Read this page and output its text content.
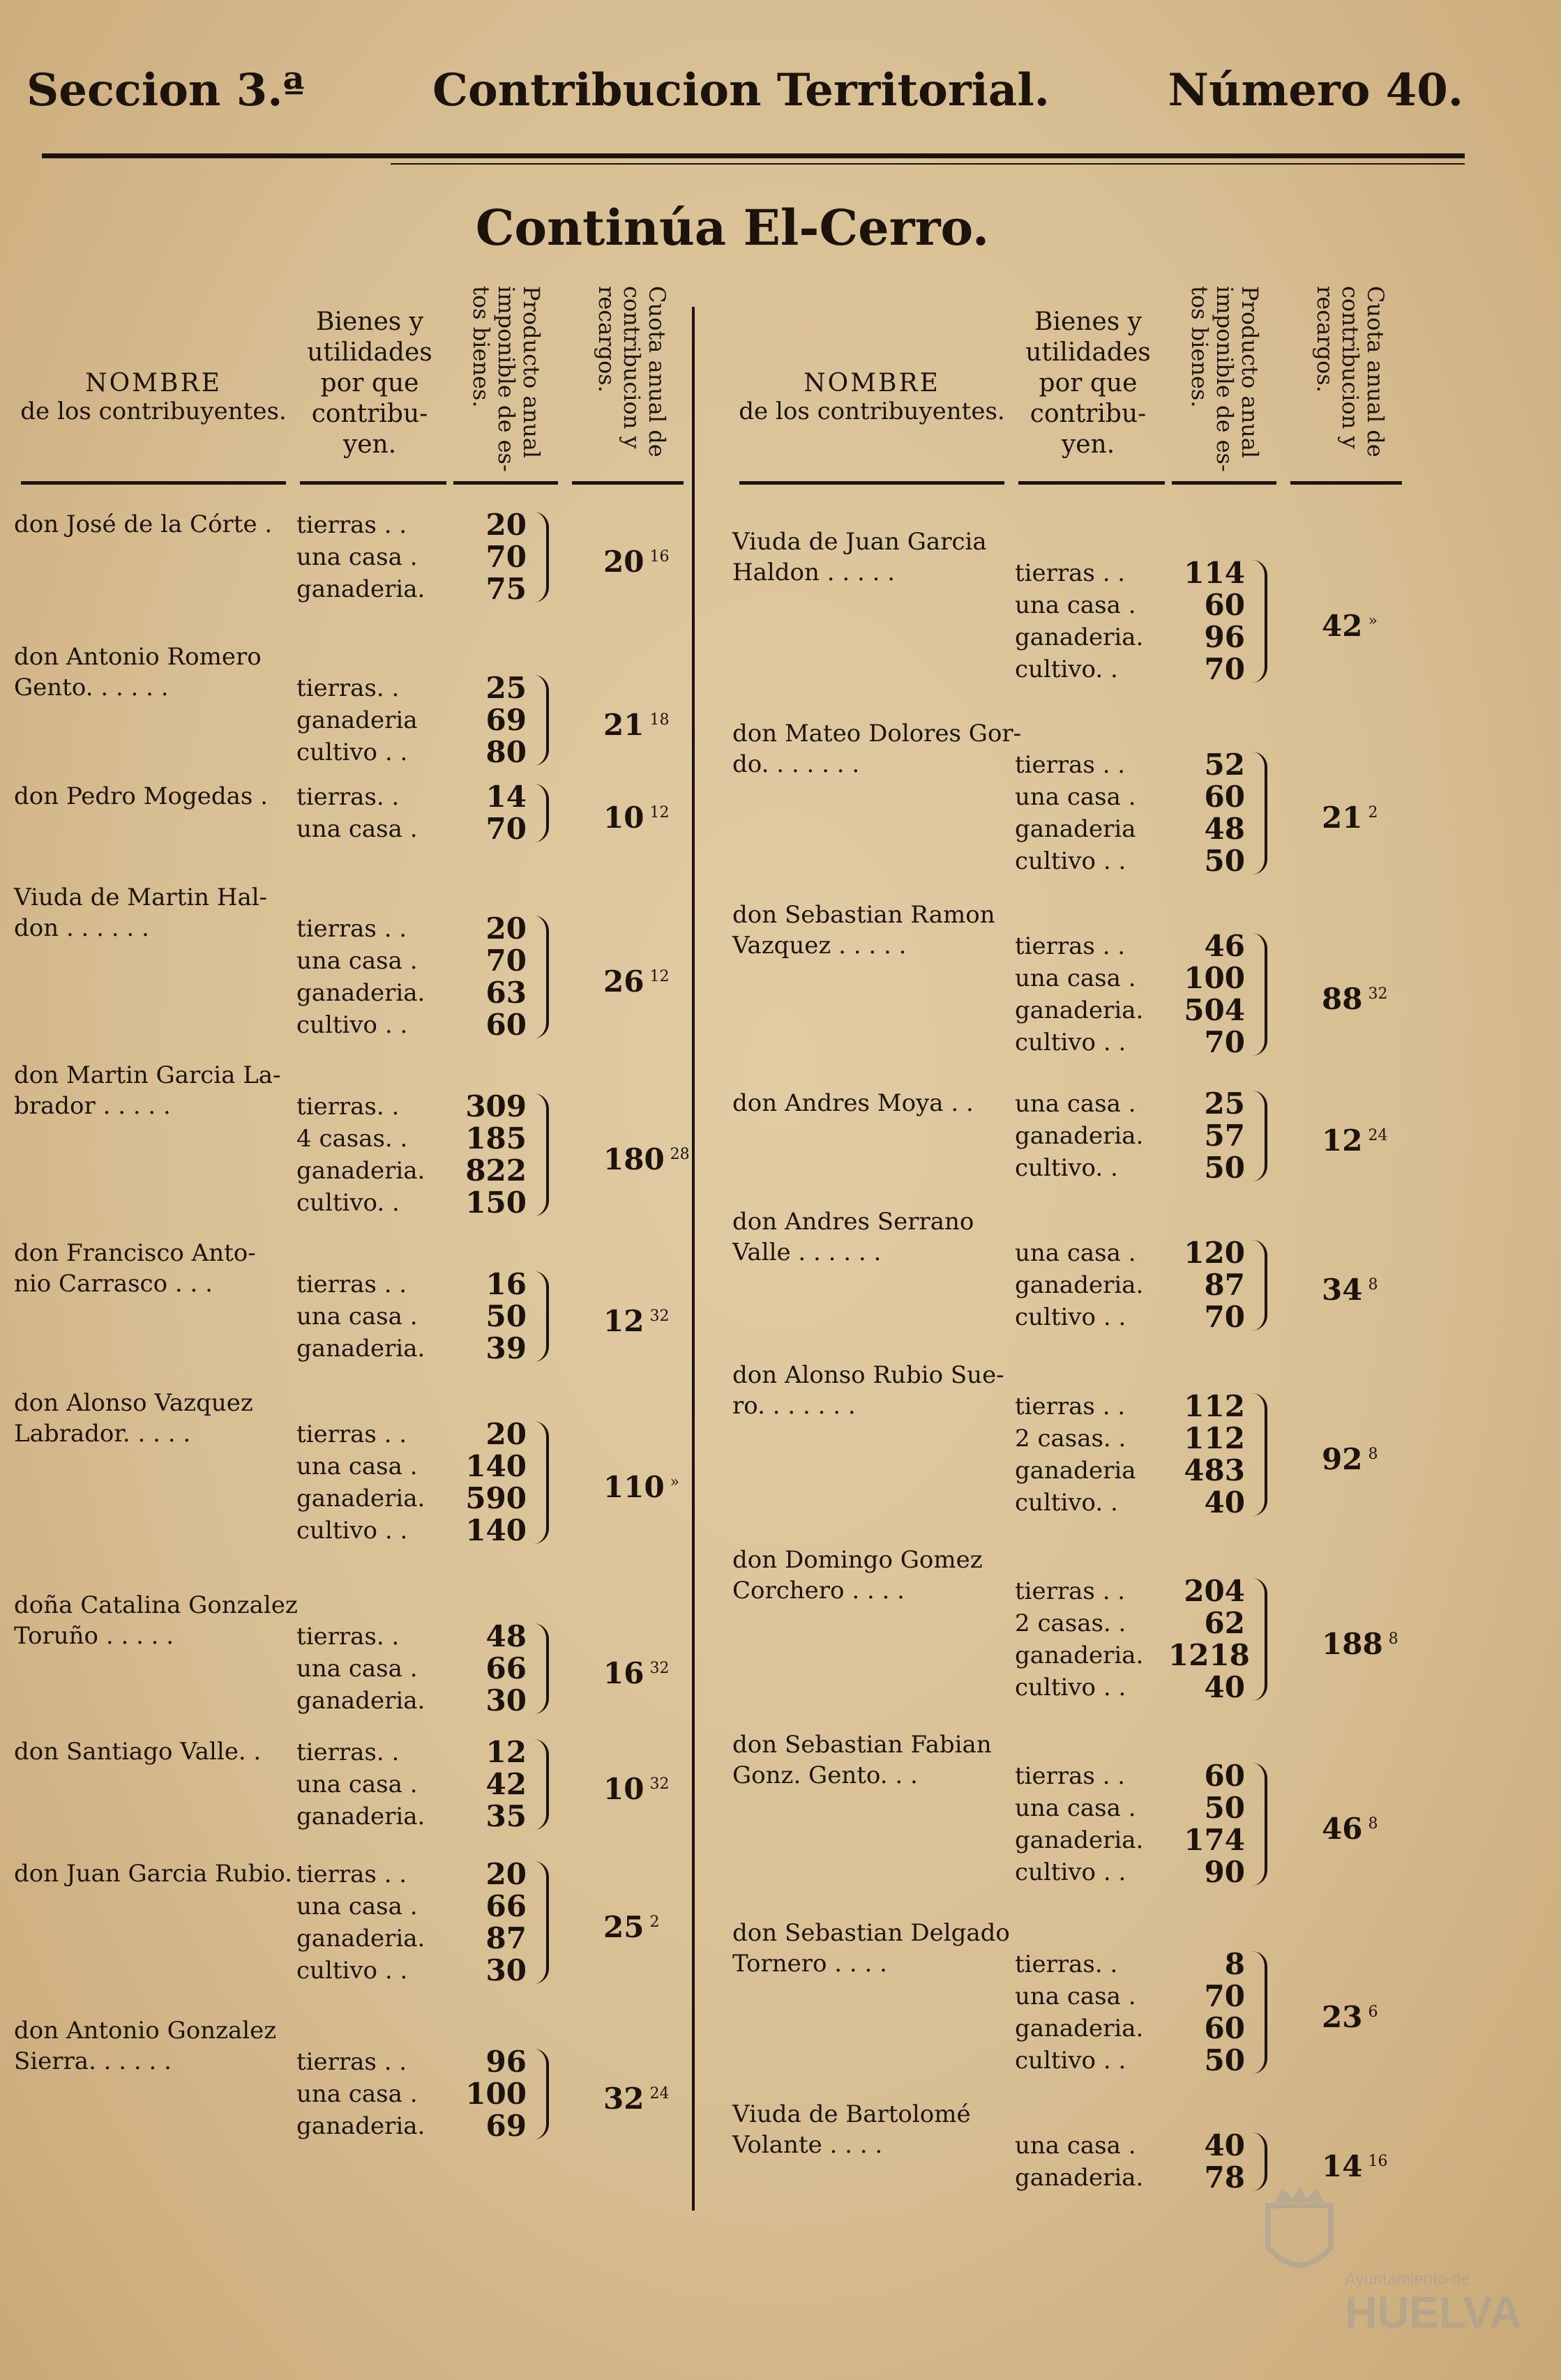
Seccion 3.ª	Contribucion Territorial.	Número 40.
Continúa El-Cerro.
NOMBRE
de los contribuyentes.
Bienes y utilidades por que contribu- yen.	Producto anual imponible de es- tos bienes.	Cuota anual de contribucion y recargos.
don José de la Córte .	tierras . .	20
una casa .	70
ganaderia.	75
20 $^{16}$
don Antonio Romero
Gento. . . . . .	tierras. .	25
ganaderia	69
cultivo . .	80
21 $^{18}$
don Pedro Mogedas .	tierras. .	14
una casa .	70	10 $^{12}$
Viuda de Martin Hal-
don . . . . . .	tierras . .	20
una casa .	70
ganaderia.	63
cultivo . .	60
26 $^{12}$
don Martin Garcia La-
brador . . . . .	tierras. .	309
4 casas. .	185
ganaderia.	822
cultivo. .	150
180 $^{28}$
don Francisco Anto-
nio Carrasco . . .	tierras . .	16
una casa .	50
ganaderia.	39
12 $^{32}$
don Alonso Vazquez
Labrador. . . . .	tierras . .	20
una casa .	140
ganaderia.	590
cultivo . .	140
110 »
doña Catalina Gonzalez
Toruño . . . . .	tierras. .	48
una casa .	66
ganaderia.	30
16 $^{32}$
don Santiago Valle. .	tierras. .	12
una casa .	42
ganaderia.	35
10 $^{32}$
don Juan Garcia Rubio. tierras . .	20
una casa .	66
ganaderia.	87
cultivo . .	30
25 $^2$
don Antonio Gonzalez
Sierra. . . . . .	tierras . .	96
una casa .	100
ganaderia.	69
32 $^{24}$
NOMBRE
de los contribuyentes.
Bienes y utilidades por que contribu- yen.	Producto anual imponible de es- tos bienes.	Cuota anual de contribucion y recargos.
Viuda de Juan Garcia
Haldon . . . . .	tierras . .	114
una casa .	60
ganaderia.	96
cultivo. .	70
42 »
don Mateo Dolores Gor-
do. . . . . . .	tierras . .	52
una casa .	60
ganaderia	48
cultivo . .	50
21 $^2$
don Sebastian Ramon
Vazquez . . . . .	tierras . .	46
una casa .	100
ganaderia.	504
cultivo . .	70
88 $^{32}$
don Andres Moya . .	una casa .	25
ganaderia.	57
cultivo. .	50
12 $^{24}$
don Andres Serrano
Valle . . . . . .	una casa .	120
ganaderia.	87
cultivo . .	70
34 $^8$
don Alonso Rubio Sue-
ro. . . . . . .	tierras . .	112
2 casas. .	112
ganaderia	483
cultivo. .	40
92 $^8$
don Domingo Gomez
Corchero . . . .	tierras . .	204
2 casas. .	62
ganaderia. 1218
cultivo . .	40
188 $^8$
don Sebastian Fabian
Gonz. Gento. . .	tierras . .	60
una casa .	50
ganaderia.	174
cultivo . .	90
46 $^8$
don Sebastian Delgado
Tornero . . . .	tierras. .	8
una casa .	70
ganaderia.	60
cultivo . .	50
23 $^6$
Viuda de Bartolomé
Volante . . . .	una casa .	40
ganaderia.	78	14 $^{16}$
Ayuntamiento de
HUELVA
